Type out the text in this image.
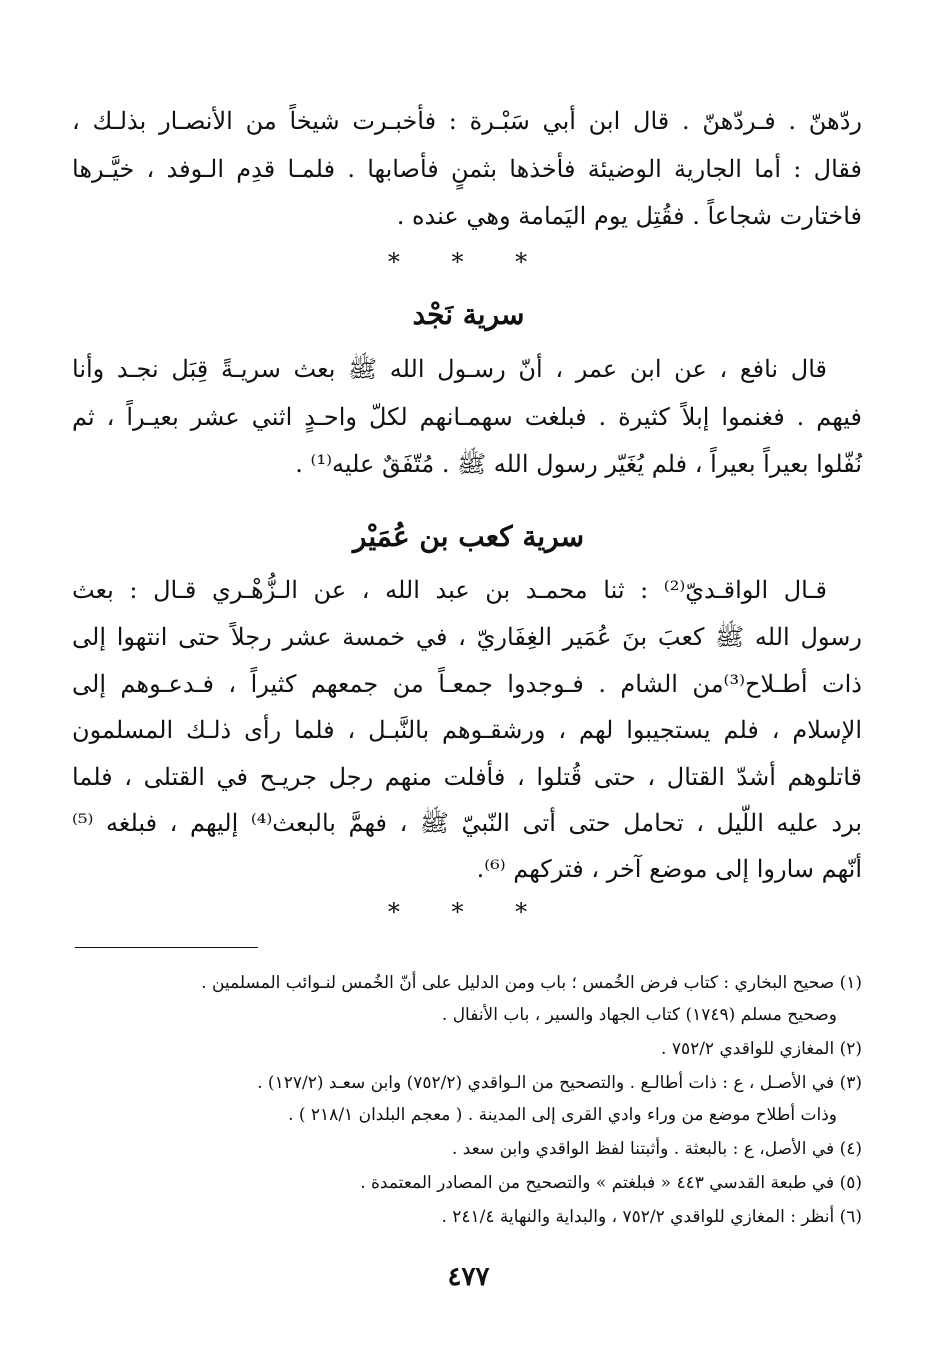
ردّهنّ . فـردّهنّ . قال ابن أبي سَبْـرة : فأخبـرت شيخاً من الأنصـار بذلـك ،
فقال : أما الجارية الوضيئة فأخذها بثمنٍ فأصابها . فلمـا قدِم الـوفد ، خيَّـرها
فاختارت شجاعاً . فقُتِل يوم اليَمامة وهي عنده .
* * *
سرية نَجْد
قال نافع ، عن ابن عمر ، أنّ رسـول الله ﷺ بعث سريـةً قِبَل نجـد وأنا
فيهم . فغنموا إبلاً كثيرة . فبلغت سهمـانهم لكلّ واحـدٍ اثني عشر بعيـراً ، ثم
نُفّلوا بعيراً بعيراً ، فلم يُغَيّر رسول الله ﷺ . مُتّفَقٌ عليه⁽¹⁾ .
سرية كعب بن عُمَيْر
قـال الواقـديّ⁽²⁾ : ثنا محمـد بن عبد الله ، عن الـزُّهْـري قـال : بعث
رسول الله ﷺ كعبَ بنَ عُمَير الغِفَاريّ ، في خمسة عشر رجلاً حتى انتهوا إلى
ذات أطـلاح⁽³⁾من الشام . فـوجدوا جمعـاً من جمعهم كثيراً ، فـدعـوهم إلى
الإسلام ، فلم يستجيبوا لهم ، ورشقـوهم بالنَّبـل ، فلما رأى ذلـك المسلمون
قاتلوهم أشدّ القتال ، حتى قُتلوا ، فأفلت منهم رجل جريـح في القتلى ، فلما
برد عليه اللّيل ، تحامل حتى أتى النّبيّ ﷺ ، فهمَّ بالبعث⁽⁴⁾ إليهم ، فبلغه ⁽⁵⁾
أنّهم ساروا إلى موضع آخر ، فتركهم ⁽⁶⁾.
* * *
(١) صحيح البخاري : كتاب فرض الخُمس ؛ باب ومن الدليل على أنّ الخُمس لنـوائب المسلمين .
وصحيح مسلم (١٧٤٩) كتاب الجهاد والسير ، باب الأنفال .
(٢) المغازي للواقدي ٧٥٢/٢ .
(٣) في الأصـل ، ع : ذات أطالـع . والتصحيح من الـواقدي (٧٥٢/٢) وابن سعـد (١٢٧/٢) .
وذات أطلاح موضع من وراء وادي القرى إلى المدينة . ( معجم البلدان ٢١٨/١ ) .
(٤) في الأصل، ع : بالبعثة . وأثبتنا لفظ الواقدي وابن سعد .
(٥) في طبعة القدسي ٤٤٣ « فبلغتم » والتصحيح من المصادر المعتمدة .
(٦) أنظر : المغازي للواقدي ٧٥٢/٢ ، والبداية والنهاية ٢٤١/٤ .
٤٧٧
